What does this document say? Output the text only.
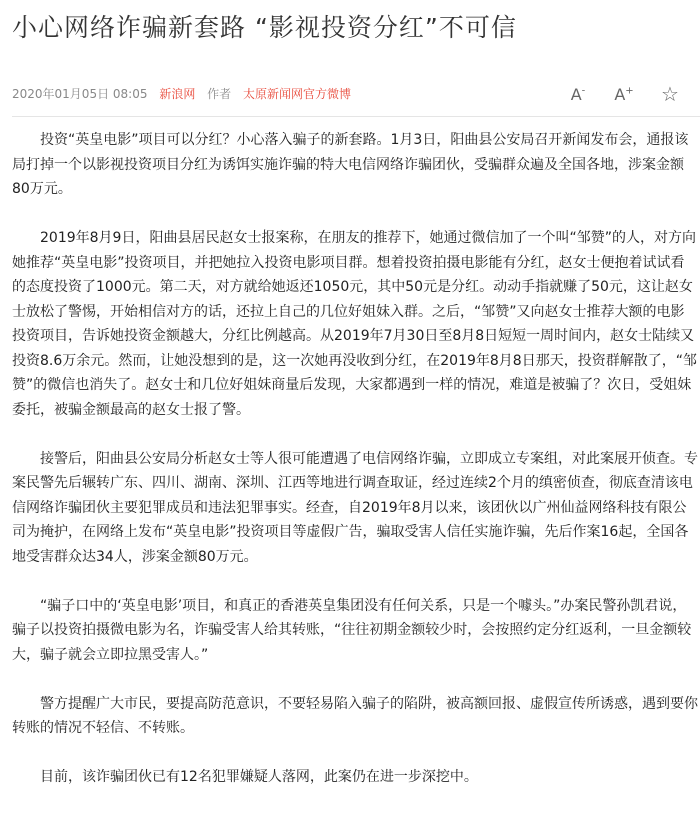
小心网络诈骗新套路 “影视投资分红”不可信
2020年01月05日 08:05 新浪网 作者 太原新闻网官方微博	A-	A+ ☆

投资“英皇电影”项目可以分红？小心落入骗子的新套路。1月3日，阳曲县公安局召开新闻发布会，通报该局打掉一个以影视投资项目分红为诱饵实施诈骗的特大电信网络诈骗团伙，受骗群众遍及全国各地，涉案金额80万元。

2019年8月9日，阳曲县居民赵女士报案称，在朋友的推荐下，她通过微信加了一个叫“邹赞”的人，对方向她推荐“英皇电影”投资项目，并把她拉入投资电影项目群。想着投资拍摄电影能有分红，赵女士便抱着试试看的态度投资了1000元。第二天，对方就给她返还1050元，其中50元是分红。动动手指就赚了50元，这让赵女士放松了警惕，开始相信对方的话，还拉上自己的几位好姐妹入群。之后，“邹赞”又向赵女士推荐大额的电影投资项目，告诉她投资金额越大，分红比例越高。从2019年7月30日至8月8日短短一周时间内，赵女士陆续又投资8.6万余元。然而，让她没想到的是，这一次她再没收到分红，在2019年8月8日那天，投资群解散了，“邹赞”的微信也消失了。赵女士和几位好姐妹商量后发现，大家都遇到一样的情况，难道是被骗了？次日，受姐妹委托，被骗金额最高的赵女士报了警。

接警后，阳曲县公安局分析赵女士等人很可能遭遇了电信网络诈骗，立即成立专案组，对此案展开侦查。专案民警先后辗转广东、四川、湖南、深圳、江西等地进行调查取证，经过连续2个月的缜密侦查，彻底查清该电信网络诈骗团伙主要犯罪成员和违法犯罪事实。经查，自2019年8月以来，该团伙以广州仙益网络科技有限公司为掩护，在网络上发布“英皇电影”投资项目等虚假广告，骗取受害人信任实施诈骗，先后作案16起，全国各地受害群众达34人，涉案金额80万元。

“骗子口中的‘英皇电影’项目，和真正的香港英皇集团没有任何关系，只是一个噱头。”办案民警孙凯君说，骗子以投资拍摄微电影为名，诈骗受害人给其转账，“往往初期金额较少时，会按照约定分红返利，一旦金额较大，骗子就会立即拉黑受害人。”

警方提醒广大市民，要提高防范意识，不要轻易陷入骗子的陷阱，被高额回报、虚假宣传所诱惑，遇到要你转账的情况不轻信、不转账。

目前，该诈骗团伙已有12名犯罪嫌疑人落网，此案仍在进一步深挖中。
